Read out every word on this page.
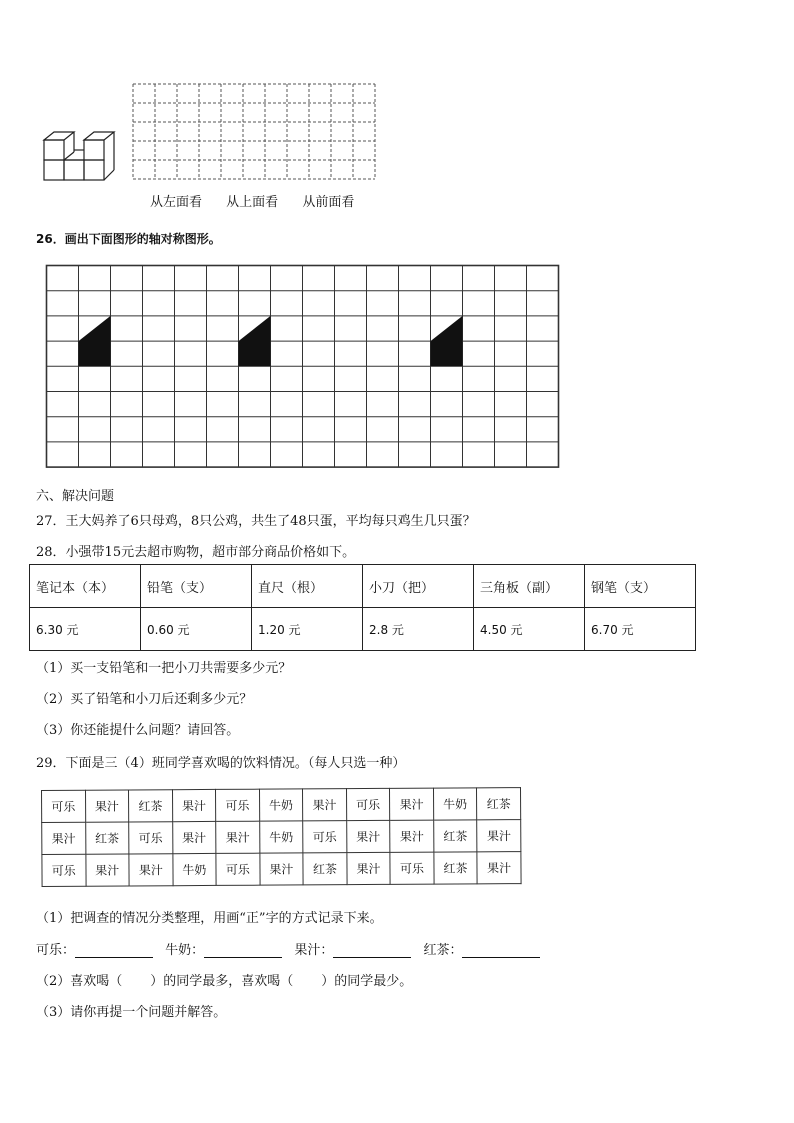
从左面看 从上面看 从前面看
26．画出下面图形的轴对称图形。
六、解决问题
27．王大妈养了6只母鸡，8只公鸡，共生了48只蛋，平均每只鸡生几只蛋？
28．小强带15元去超市购物，超市部分商品价格如下。
笔记本（本）	铅笔（支）	直尺（根）	小刀（把）	三角板（副）	钢笔（支）
6.30 元	0.60 元	1.20 元	2.8 元	4.50 元	6.70 元
（1）买一支铅笔和一把小刀共需要多少元？
（2）买了铅笔和小刀后还剩多少元？
（3）你还能提什么问题？请回答。
29．下面是三（4）班同学喜欢喝的饮料情况。（每人只选一种）
可乐	果汁	红茶	果汁	可乐	牛奶	果汁	可乐	果汁	牛奶	红茶
果汁	红茶	可乐	果汁	果汁	牛奶	可乐	果汁	果汁	红茶	果汁
可乐	果汁	果汁	牛奶	可乐	果汁	红茶	果汁	可乐	红茶	果汁
（1）把调查的情况分类整理，用画“正”字的方式记录下来。
可乐：	牛奶：	果汁：	红茶：
（2）喜欢喝（ ）的同学最多，喜欢喝（ ）的同学最少。
（3）请你再提一个问题并解答。
